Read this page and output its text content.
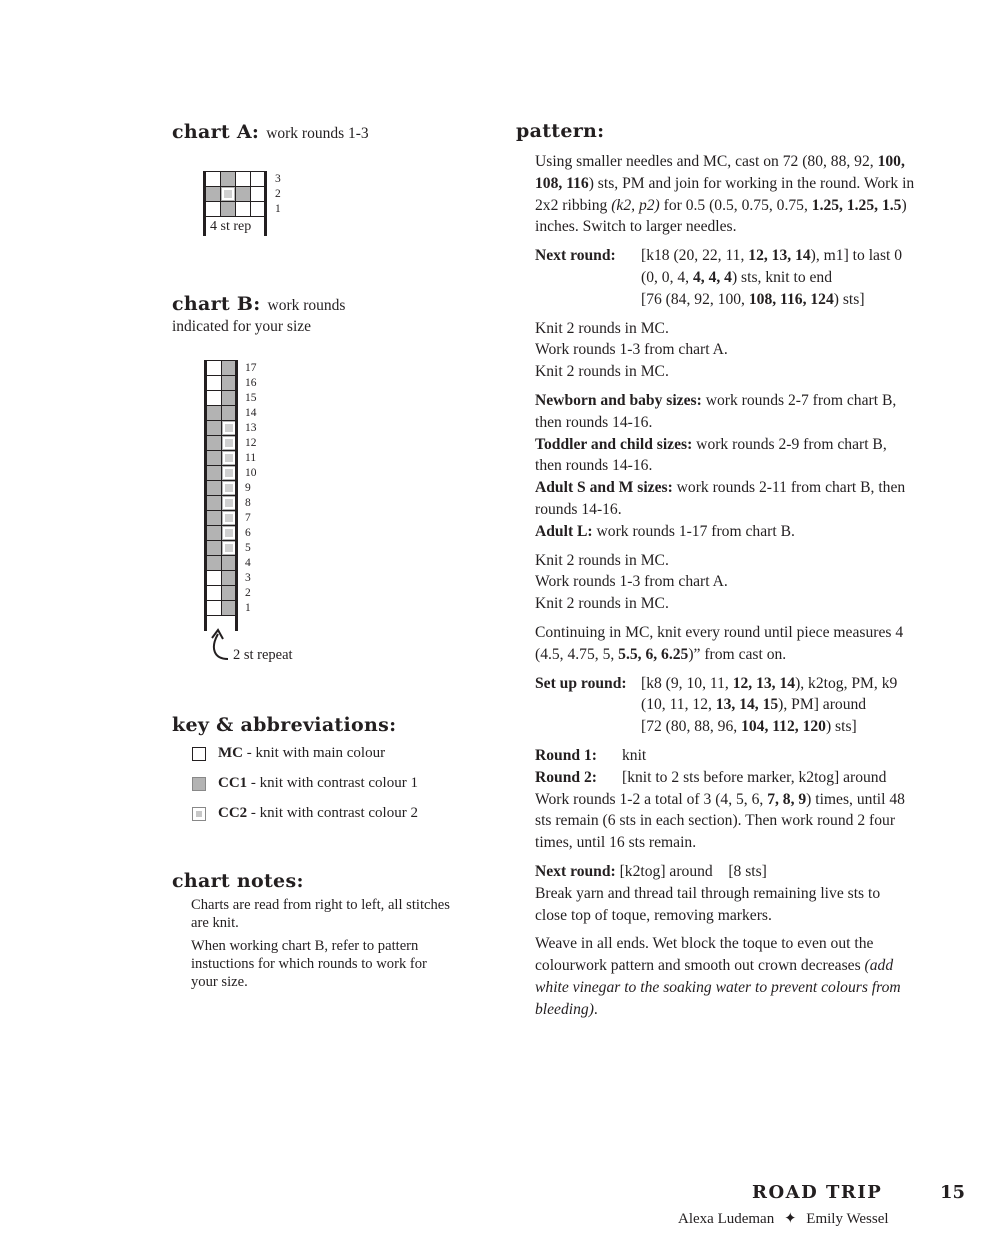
chart A: work rounds 1-3
3
2
1
4 st rep
chart B: work rounds
indicated for your size
17
16
15
14
13
12
11
10
9
8
7
6
5
4
3
2
1
2 st repeat
key & abbreviations:
MC - knit with main colour
CC1 - knit with contrast colour 1
CC2 - knit with contrast colour 2
chart notes:

Charts are read from right to left, all stitches are knit.

When working chart B, refer to pattern instuctions for which rounds to work for your size.

pattern:

Using smaller needles and MC, cast on 72 (80, 88, 92, 100, 108, 116) sts, PM and join for working in the round. Work in 2x2 ribbing (k2, p2) for 0.5 (0.5, 0.75, 0.75, 1.25, 1.25, 1.5) inches. Switch to larger needles.

Next round:	[k18 (20, 22, 11, 12, 13, 14), m1] to last 0 (0, 0, 4, 4, 4, 4) sts, knit to end

[76 (84, 92, 100, 108, 116, 124) sts]

Knit 2 rounds in MC.

Work rounds 1-3 from chart A.

Knit 2 rounds in MC.

Newborn and baby sizes: work rounds 2-7 from chart B, then rounds 14-16.

Toddler and child sizes: work rounds 2-9 from chart B, then rounds 14-16.

Adult S and M sizes: work rounds 2-11 from chart B, then rounds 14-16.

Adult L: work rounds 1-17 from chart B.

Knit 2 rounds in MC.

Work rounds 1-3 from chart A.

Knit 2 rounds in MC.

Continuing in MC, knit every round until piece measures 4 (4.5, 4.75, 5, 5.5, 6, 6.25)” from cast on.

Set up round: [k8 (9, 10, 11, 12, 13, 14), k2tog, PM, k9 (10, 11, 12, 13, 14, 15), PM] around

[72 (80, 88, 96, 104, 112, 120) sts]

Round 1:	knit
Round 2:	[knit to 2 sts before marker, k2tog] around

Work rounds 1-2 a total of 3 (4, 5, 6, 7, 8, 9) times, until 48 sts remain (6 sts in each section). Then work round 2 four times, until 16 sts remain.

Next round: [k2tog] around    [8 sts]

Break yarn and thread tail through remaining live sts to close top of toque, removing markers.

Weave in all ends. Wet block the toque to even out the colourwork pattern and smooth out crown decreases (add white vinegar to the soaking water to prevent colours from bleeding).

ROAD TRIP	15
Alexa Ludeman ✦ Emily Wessel
